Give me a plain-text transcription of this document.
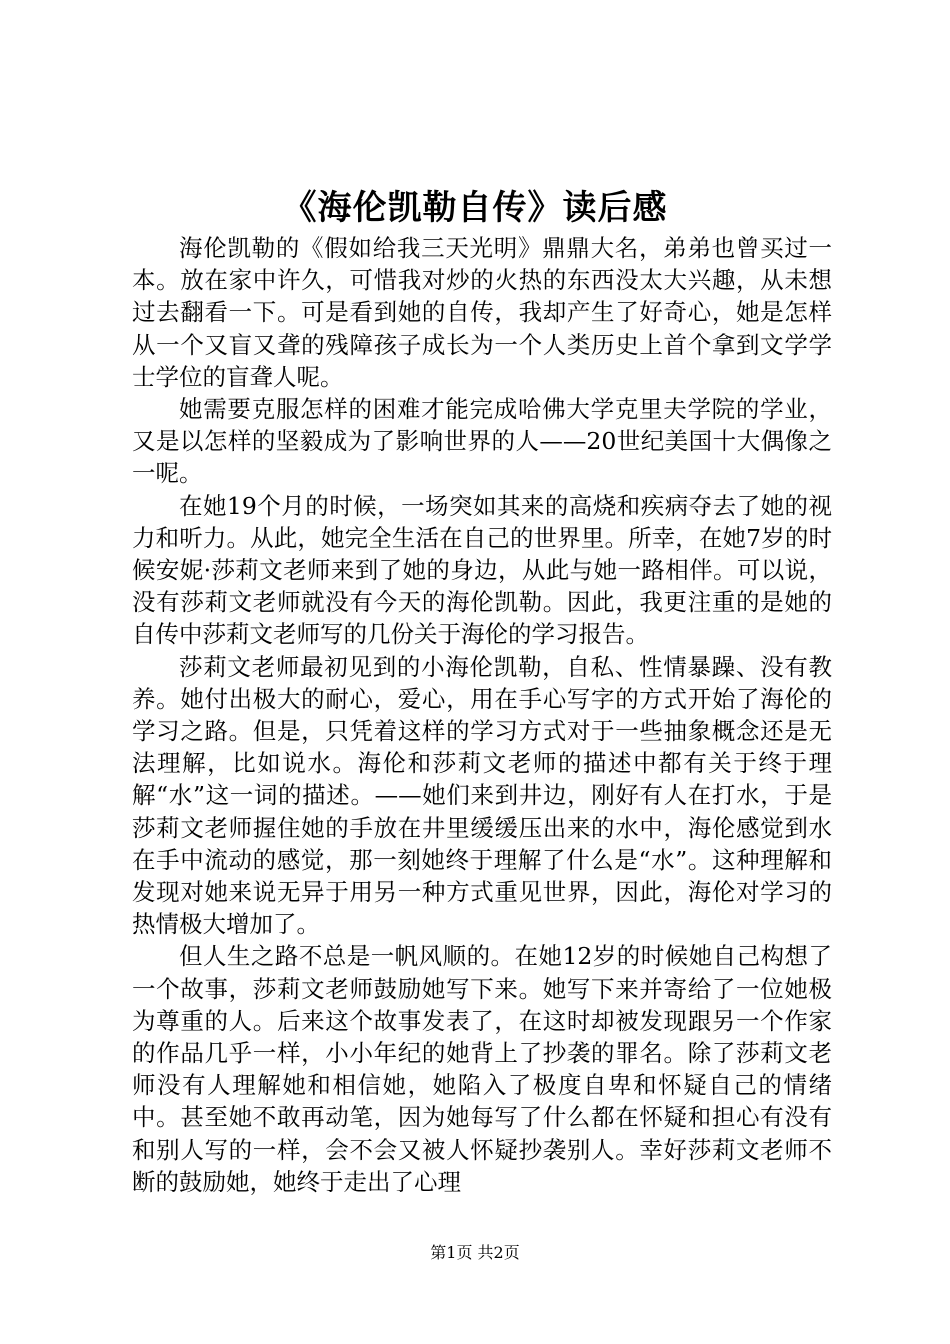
《海伦凯勒自传》读后感

海伦凯勒的《假如给我三天光明》鼎鼎大名，弟弟也曾买过一本。放在家中许久，可惜我对炒的火热的东西没太大兴趣，从未想过去翻看一下。可是看到她的自传，我却产生了好奇心，她是怎样从一个又盲又聋的残障孩子成长为一个人类历史上首个拿到文学学士学位的盲聋人呢。

她需要克服怎样的困难才能完成哈佛大学克里夫学院的学业，又是以怎样的坚毅成为了影响世界的人——20世纪美国十大偶像之一呢。

在她19个月的时候，一场突如其来的高烧和疾病夺去了她的视力和听力。从此，她完全生活在自己的世界里。所幸，在她7岁的时候安妮·莎莉文老师来到了她的身边，从此与她一路相伴。可以说，没有莎莉文老师就没有今天的海伦凯勒。因此，我更注重的是她的自传中莎莉文老师写的几份关于海伦的学习报告。

莎莉文老师最初见到的小海伦凯勒，自私、性情暴躁、没有教养。她付出极大的耐心，爱心，用在手心写字的方式开始了海伦的学习之路。但是，只凭着这样的学习方式对于一些抽象概念还是无法理解，比如说水。海伦和莎莉文老师的描述中都有关于终于理解“水”这一词的描述。——她们来到井边，刚好有人在打水，于是莎莉文老师握住她的手放在井里缓缓压出来的水中，海伦感觉到水在手中流动的感觉，那一刻她终于理解了什么是“水”。这种理解和发现对她来说无异于用另一种方式重见世界，因此，海伦对学习的热情极大增加了。

但人生之路不总是一帆风顺的。在她12岁的时候她自己构想了一个故事，莎莉文老师鼓励她写下来。她写下来并寄给了一位她极为尊重的人。后来这个故事发表了，在这时却被发现跟另一个作家的作品几乎一样，小小年纪的她背上了抄袭的罪名。除了莎莉文老师没有人理解她和相信她，她陷入了极度自卑和怀疑自己的情绪中。甚至她不敢再动笔，因为她每写了什么都在怀疑和担心有没有和别人写的一样，会不会又被人怀疑抄袭别人。幸好莎莉文老师不断的鼓励她，她终于走出了心理

第1页 共2页
